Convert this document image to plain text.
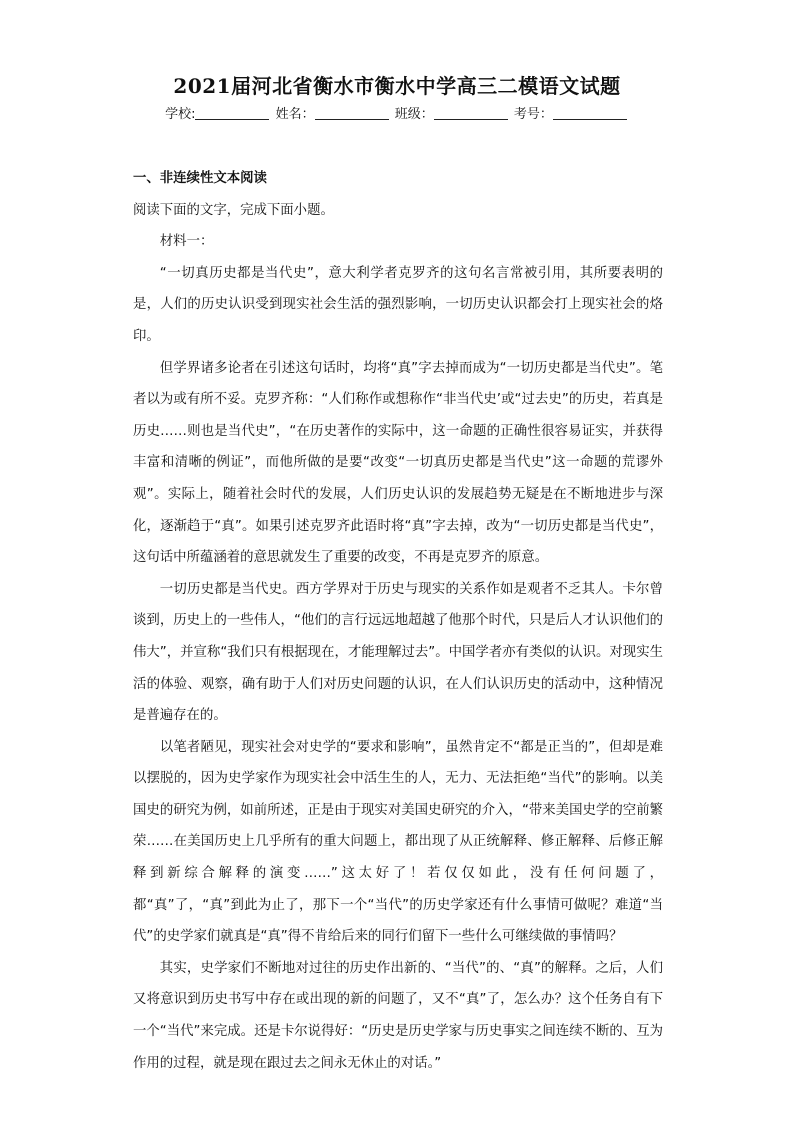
2021届河北省衡水市衡水中学高三二模语文试题
学校:	姓名：	班级：	考号：

一、非连续性文本阅读

阅读下面的文字，完成下面小题。

材料一：

“一切真历史都是当代史”，意大利学者克罗齐的这句名言常被引用，其所要表明的是，人们的历史认识受到现实社会生活的强烈影响，一切历史认识都会打上现实社会的烙印。

但学界诸多论者在引述这句话时，均将“真”字去掉而成为“一切历史都是当代史”。笔者以为或有所不妥。克罗齐称：“人们称作或想称作“非当代史’或“过去史”的历史，若真是历史……则也是当代史”，“在历史著作的实际中，这一命题的正确性很容易证实，并获得丰富和清晰的例证”，而他所做的是要“改变“一切真历史都是当代史”这一命题的荒谬外观”。实际上，随着社会时代的发展，人们历史认识的发展趋势无疑是在不断地进步与深化，逐渐趋于“真”。如果引述克罗齐此语时将“真”字去掉，改为“一切历史都是当代史”，这句话中所蕴涵着的意思就发生了重要的改变，不再是克罗齐的原意。

一切历史都是当代史。西方学界对于历史与现实的关系作如是观者不乏其人。卡尔曾谈到，历史上的一些伟人，“他们的言行远远地超越了他那个时代，只是后人才认识他们的伟大”，并宣称“我们只有根据现在，才能理解过去”。中国学者亦有类似的认识。对现实生活的体验、观察，确有助于人们对历史问题的认识，在人们认识历史的活动中，这种情况是普遍存在的。

以笔者陋见，现实社会对史学的“要求和影响”，虽然肯定不“都是正当的”，但却是难以摆脱的，因为史学家作为现实社会中活生生的人，无力、无法拒绝“当代”的影响。以美国史的研究为例，如前所述，正是由于现实对美国史研究的介入，“带来美国史学的空前繁荣……在美国历史上几乎所有的重大问题上，都出现了从正统解释、修正解释、后修正解释到新综合解释的演变……”这太好了！若仅仅如此，没有任何问题了，都“真”了，“真”到此为止了，那下一个“当代”的历史学家还有什么事情可做呢？难道“当代”的史学家们就真是“真”得不肯给后来的同行们留下一些什么可继续做的事情吗？

其实，史学家们不断地对过往的历史作出新的、“当代”的、“真”的解释。之后，人们又将意识到历史书写中存在或出现的新的问题了，又不“真”了，怎么办？这个任务自有下一个“当代”来完成。还是卡尔说得好：“历史是历史学家与历史事实之间连续不断的、互为作用的过程，就是现在跟过去之间永无休止的对话。”
